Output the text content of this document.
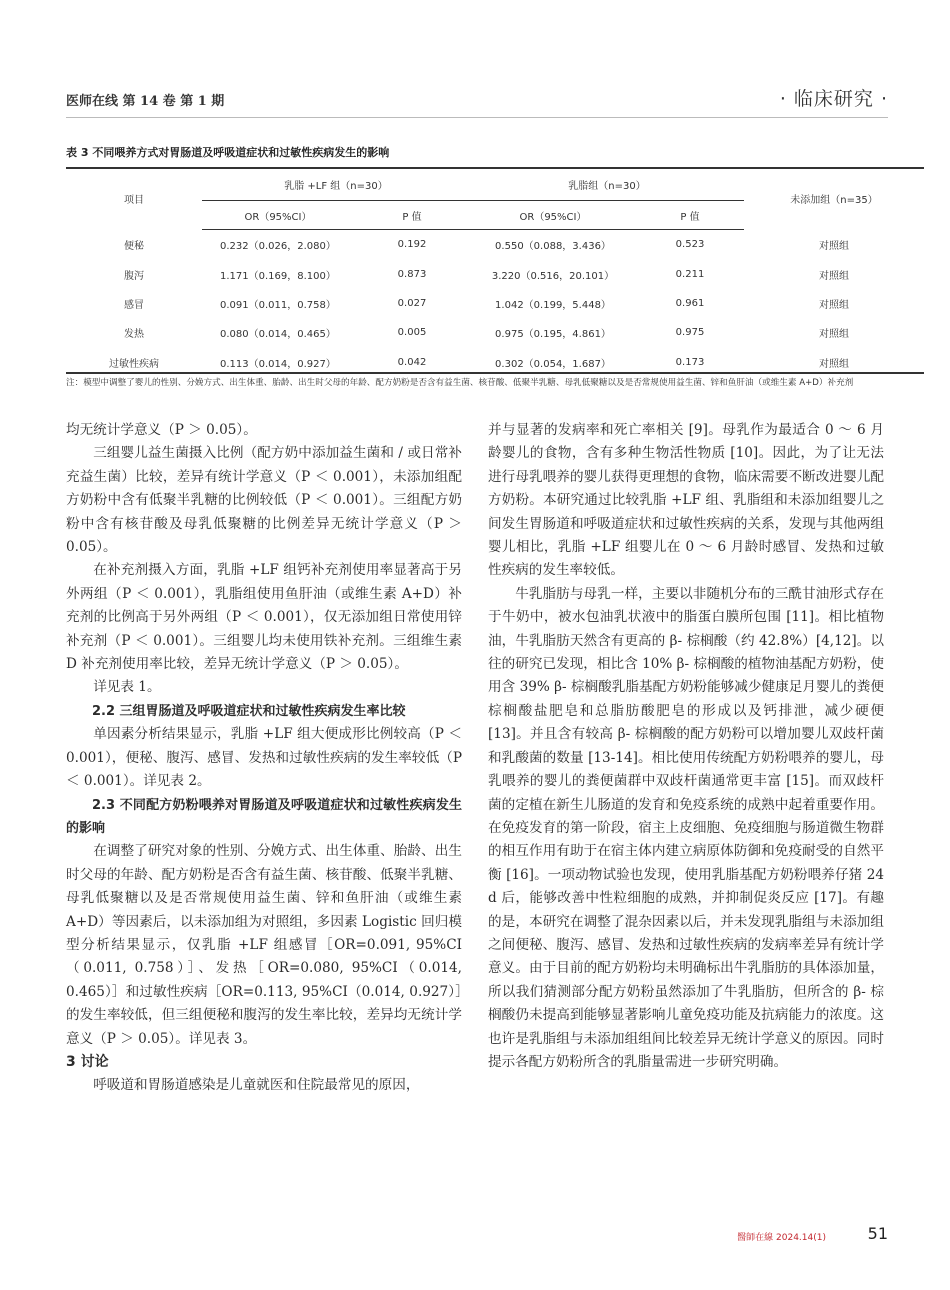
医师在线 第 14 卷 第 1 期	· 临床研究 ·
表 3 不同喂养方式对胃肠道及呼吸道症状和过敏性疾病发生的影响
项目	乳脂 +LF 组（n=30）		乳脂组（n=30）		未添加组（n=35）
	OR（95%CI）	P 值	OR（95%CI）	P 值	
便秘	0.232（0.026，2.080）	0.192	0.550（0.088，3.436）	0.523	对照组
腹泻	1.171（0.169，8.100）	0.873	3.220（0.516，20.101）	0.211	对照组
感冒	0.091（0.011，0.758）	0.027	1.042（0.199，5.448）	0.961	对照组
发热	0.080（0.014，0.465）	0.005	0.975（0.195，4.861）	0.975	对照组
过敏性疾病	0.113（0.014，0.927）	0.042	0.302（0.054，1.687）	0.173	对照组
注：模型中调整了婴儿的性别、分娩方式、出生体重、胎龄、出生时父母的年龄、配方奶粉是否含有益生菌、核苷酸、低聚半乳糖、母乳低聚糖以及是否常规使用益生菌、锌和鱼肝油（或维生素 A+D）补充剂

均无统计学意义（P ＞ 0.05）。

三组婴儿益生菌摄入比例（配方奶中添加益生菌和 / 或日常补充益生菌）比较，差异有统计学意义（P ＜ 0.001），未添加组配方奶粉中含有低聚半乳糖的比例较低（P ＜ 0.001）。三组配方奶粉中含有核苷酸及母乳低聚糖的比例差异无统计学意义（P ＞ 0.05）。

在补充剂摄入方面，乳脂 +LF 组钙补充剂使用率显著高于另外两组（P ＜ 0.001），乳脂组使用鱼肝油（或维生素 A+D）补充剂的比例高于另外两组（P ＜ 0.001），仅无添加组日常使用锌补充剂（P ＜ 0.001）。三组婴儿均未使用铁补充剂。三组维生素 D 补充剂使用率比较，差异无统计学意义（P ＞ 0.05）。

详见表 1。

2.2 三组胃肠道及呼吸道症状和过敏性疾病发生率比较

单因素分析结果显示，乳脂 +LF 组大便成形比例较高（P ＜ 0.001），便秘、腹泻、感冒、发热和过敏性疾病的发生率较低（P ＜ 0.001）。详见表 2。

2.3 不同配方奶粉喂养对胃肠道及呼吸道症状和过敏性疾病发生的影响

在调整了研究对象的性别、分娩方式、出生体重、胎龄、出生时父母的年龄、配方奶粉是否含有益生菌、核苷酸、低聚半乳糖、母乳低聚糖以及是否常规使用益生菌、锌和鱼肝油（或维生素 A+D）等因素后，以未添加组为对照组，多因素 Logistic 回归模型分析结果显示，仅乳脂 +LF 组感冒［OR=0.091, 95%CI（0.011, 0.758）］、发热［OR=0.080, 95%CI（0.014, 0.465）］和过敏性疾病［OR=0.113, 95%CI（0.014, 0.927）］的发生率较低，但三组便秘和腹泻的发生率比较，差异均无统计学意义（P ＞ 0.05）。详见表 3。

3 讨论

呼吸道和胃肠道感染是儿童就医和住院最常见的原因，

并与显著的发病率和死亡率相关 [9]。母乳作为最适合 0 ～ 6 月龄婴儿的食物，含有多种生物活性物质 [10]。因此，为了让无法进行母乳喂养的婴儿获得更理想的食物，临床需要不断改进婴儿配方奶粉。本研究通过比较乳脂 +LF 组、乳脂组和未添加组婴儿之间发生胃肠道和呼吸道症状和过敏性疾病的关系，发现与其他两组婴儿相比，乳脂 +LF 组婴儿在 0 ～ 6 月龄时感冒、发热和过敏性疾病的发生率较低。

牛乳脂肪与母乳一样，主要以非随机分布的三酰甘油形式存在于牛奶中，被水包油乳状液中的脂蛋白膜所包围 [11]。相比植物油，牛乳脂肪天然含有更高的 β- 棕榈酸（约 42.8%）[4,12]。以往的研究已发现，相比含 10% β- 棕榈酸的植物油基配方奶粉，使用含 39% β- 棕榈酸乳脂基配方奶粉能够减少健康足月婴儿的粪便棕榈酸盐肥皂和总脂肪酸肥皂的形成以及钙排泄，减少硬便 [13]。并且含有较高 β- 棕榈酸的配方奶粉可以增加婴儿双歧杆菌和乳酸菌的数量 [13-14]。相比使用传统配方奶粉喂养的婴儿，母乳喂养的婴儿的粪便菌群中双歧杆菌通常更丰富 [15]。而双歧杆菌的定植在新生儿肠道的发育和免疫系统的成熟中起着重要作用。在免疫发育的第一阶段，宿主上皮细胞、免疫细胞与肠道微生物群的相互作用有助于在宿主体内建立病原体防御和免疫耐受的自然平衡 [16]。一项动物试验也发现，使用乳脂基配方奶粉喂养仔猪 24 d 后，能够改善中性粒细胞的成熟，并抑制促炎反应 [17]。有趣的是，本研究在调整了混杂因素以后，并未发现乳脂组与未添加组之间便秘、腹泻、感冒、发热和过敏性疾病的发病率差异有统计学意义。由于目前的配方奶粉均未明确标出牛乳脂肪的具体添加量，所以我们猜测部分配方奶粉虽然添加了牛乳脂肪，但所含的 β- 棕榈酸仍未提高到能够显著影响儿童免疫功能及抗病能力的浓度。这也许是乳脂组与未添加组组间比较差异无统计学意义的原因。同时提示各配方奶粉所含的乳脂量需进一步研究明确。

醫師在線 2024.14(1)	51
